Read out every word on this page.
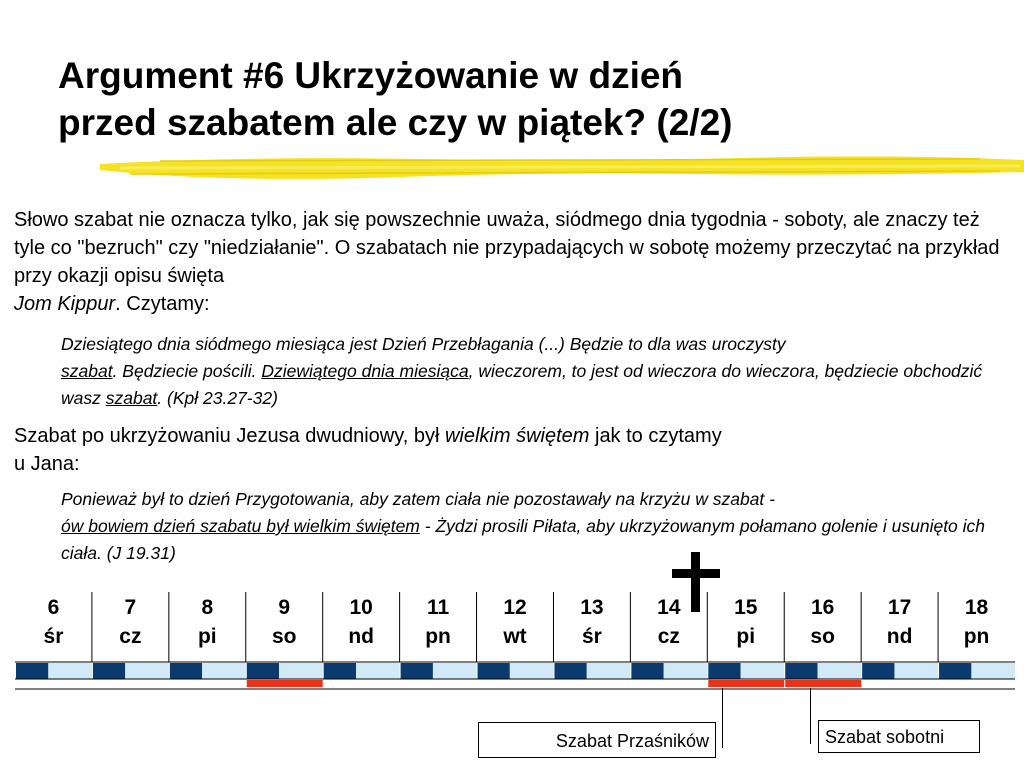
Argument #6 Ukrzyżowanie w dzień
przed szabatem ale czy w piątek? (2/2)

Słowo szabat nie oznacza tylko, jak się powszechnie uważa, siódmego dnia tygodnia - soboty, ale znaczy też tyle co "bezruch" czy "niedziałanie". O szabatach nie przypadających w sobotę możemy przeczytać na przykład przy okazji opisu święta
Jom Kippur. Czytamy:

Dziesiątego dnia siódmego miesiąca jest Dzień Przebłagania (...) Będzie to dla was uroczysty
szabat. Będziecie pościli. Dziewiątego dnia miesiąca, wieczorem, to jest od wieczora do wieczora, będziecie obchodzić wasz szabat. (Kpł 23.27-32)

Szabat po ukrzyżowaniu Jezusa dwudniowy, był wielkim świętem jak to czytamy
u Jana:

Ponieważ był to dzień Przygotowania, aby zatem ciała nie pozostawały na krzyżu w szabat -
ów bowiem dzień szabatu był wielkim świętem - Żydzi prosili Piłata, aby ukrzyżowanym połamano golenie i usunięto ich ciała. (J 19.31)

6
śr
7
cz
8
pi
9
so
10
nd
11
pn
12
wt
13
śr
14
cz
15
pi
16
so
17
nd
18
pn
Szabat Przaśników	Szabat sobotni
